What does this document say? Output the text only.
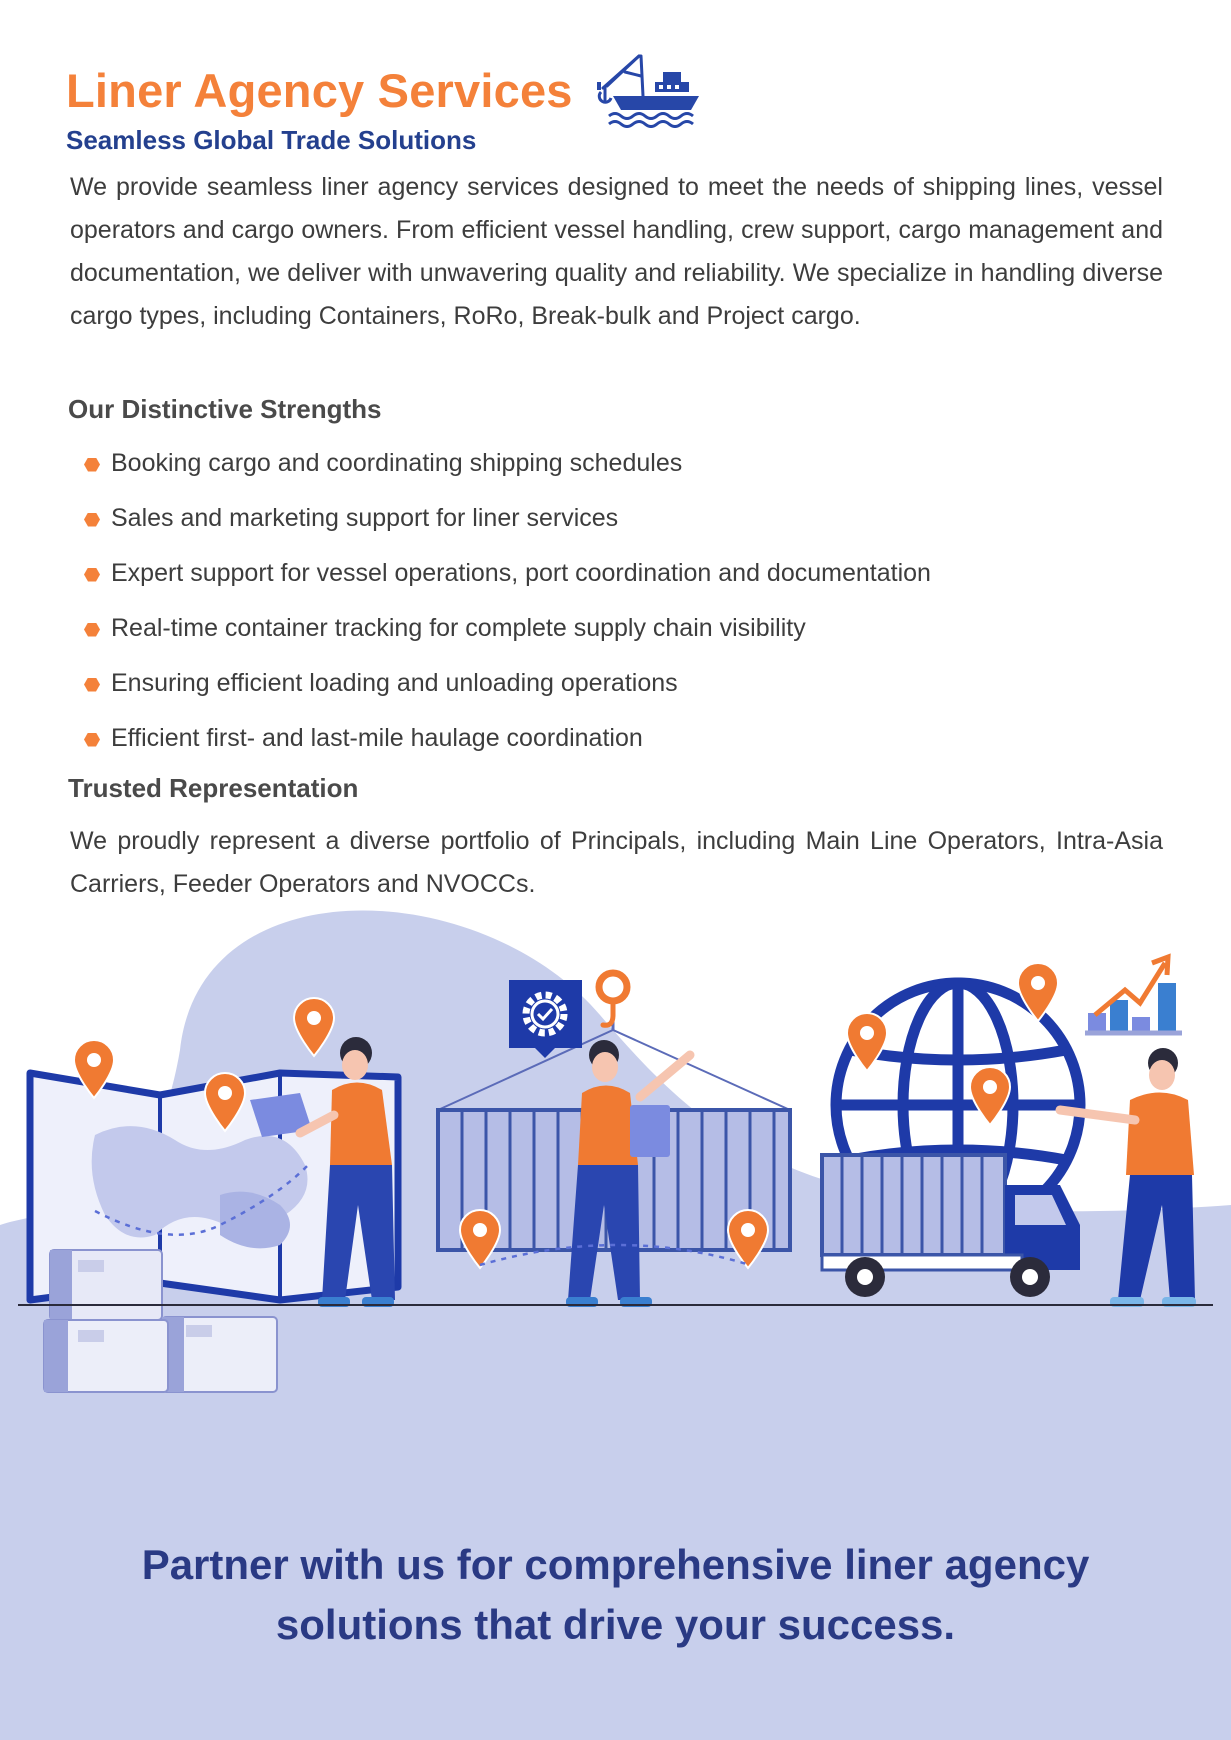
Liner Agency Services
Seamless Global Trade Solutions

We provide seamless liner agency services designed to meet the needs of shipping lines, vessel operators and cargo owners. From efficient vessel handling, crew support, cargo management and documentation, we deliver with unwavering quality and reliability. We specialize in handling diverse cargo types, including Containers, RoRo, Break-bulk and Project cargo.

Our Distinctive Strengths
Booking cargo and coordinating shipping schedules
Sales and marketing support for liner services
Expert support for vessel operations, port coordination and documentation
Real-time container tracking for complete supply chain visibility
Ensuring efficient loading and unloading operations
Efficient first- and last-mile haulage coordination
Trusted Representation

We proudly represent a diverse portfolio of Principals, including Main Line Operators, Intra-Asia Carriers, Feeder Operators and NVOCCs.

Partner with us for comprehensive liner agency
solutions that drive your success.
